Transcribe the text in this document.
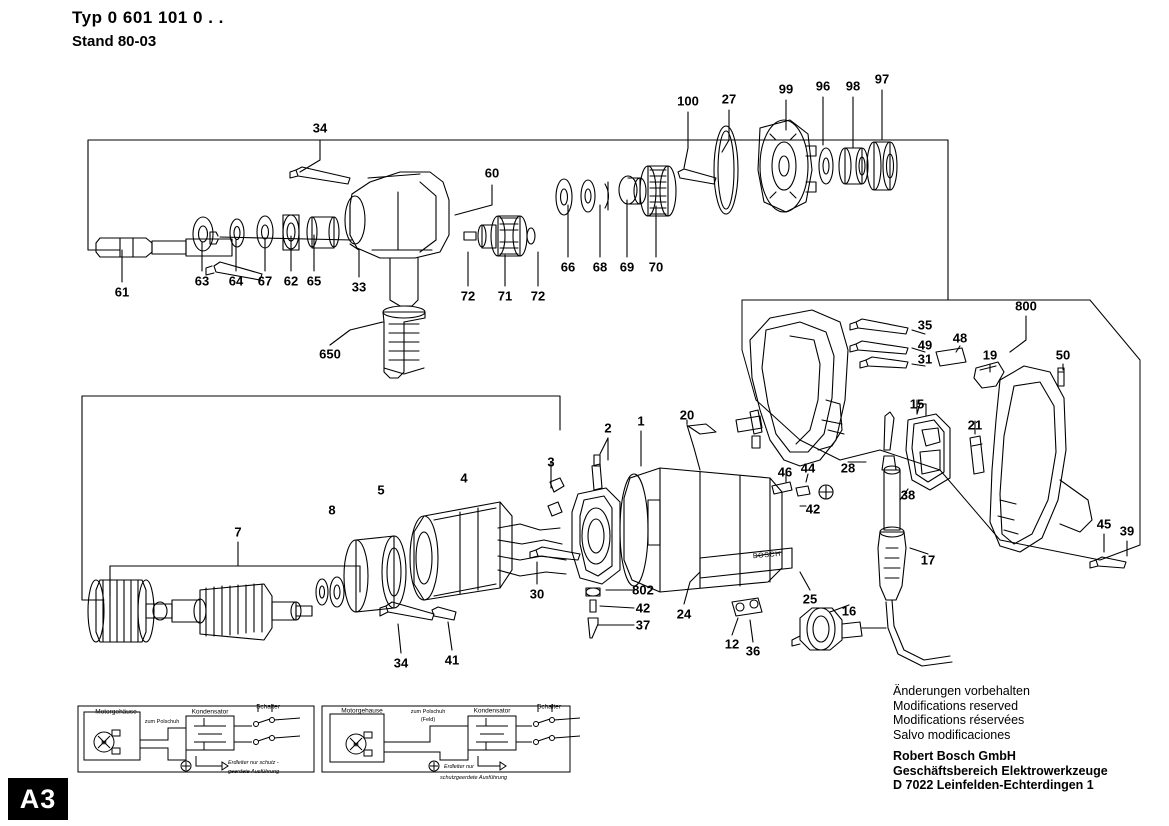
Typ 0 601 101 0 . .
Stand 80-03
BOSCH
34
60
100 27
99 96 98 97
61
63 64 67 62 65 33
650
72 71 72
66 68 69 70
35
49
31
48
19	50
800
15
21
28
38
17
16
45 39
2 1	20
3
4
5
8
7
30	802
42
37
24
25
12 36
46 44
42
34	41
Motorgehäuse
zum Polschuh
Kondensator
Schalter
M
Erdleiter nur schutz -
geerdete Ausführung
Motorgehause	zum Polschuh
(Feld)
Kondensator
Schalter
M
Erdleiter nur
schutzgeerdete Ausführung
Änderungen vorbehalten
Modifications reserved
Modifications réservées
Salvo modificaciones
Robert Bosch GmbH
Geschäftsbereich Elektrowerkzeuge
D 7022 Leinfelden-Echterdingen 1
A3
